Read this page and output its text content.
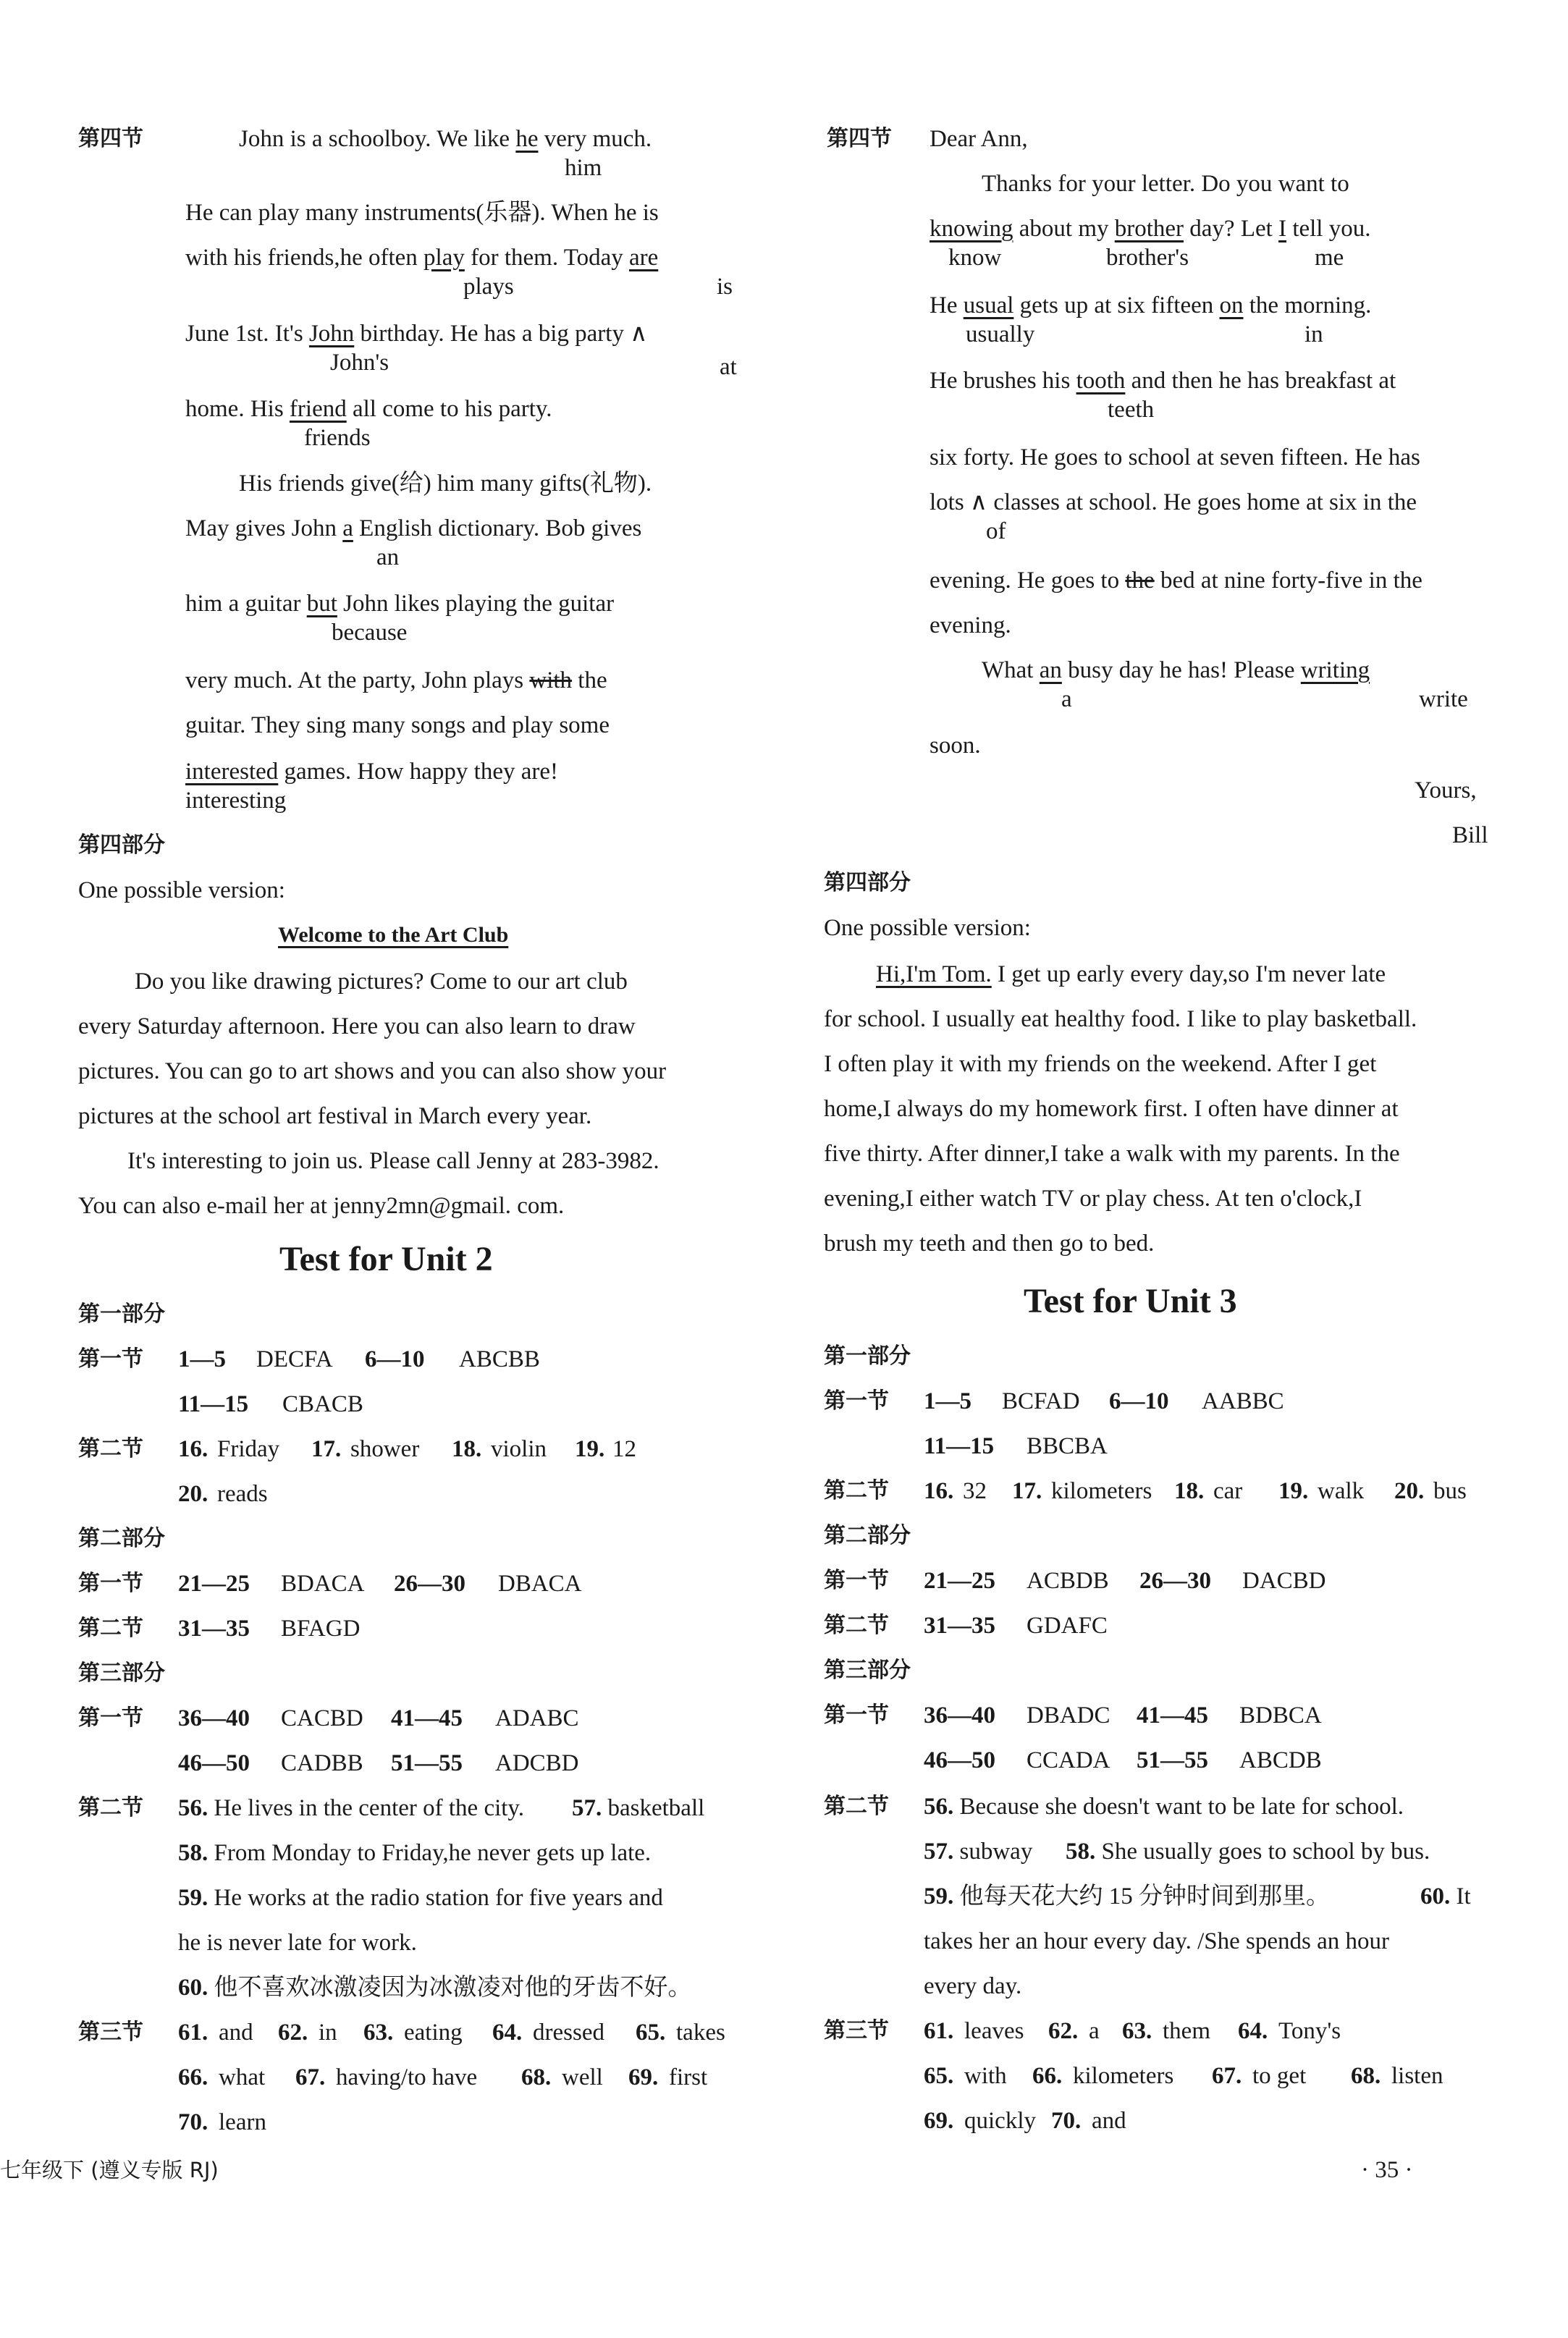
第四节	John is a schoolboy. We like he very much.
him
He can play many instruments(乐器). When he is
with his friends,he often play for them. Today are
plays	is
June 1st. It's John birthday. He has a big party ∧
John's	at
home. His friend all come to his party.
friends
His friends give(给) him many gifts(礼物).
May gives John a English dictionary. Bob gives
an
him a guitar but John likes playing the guitar
because
very much. At the party, John plays with the
guitar. They sing many songs and play some
interested games. How happy they are!
interesting
第四部分
One possible version:
Welcome to the Art Club
Do you like drawing pictures? Come to our art club
every Saturday afternoon. Here you can also learn to draw
pictures. You can go to art shows and you can also show your
pictures at the school art festival in March every year.
It's interesting to join us. Please call Jenny at 283-3982.
You can also e-mail her at jenny2mn@gmail. com.
Test for Unit 2
第一部分
第一节 1—5 DECFA 6—10 ABCBB
11—15 CBACB
第二节 16. Friday 17. shower 18. violin 19. 12
20. reads
第二部分
第一节 21—25 BDACA 26—30 DBACA
第二节 31—35 BFAGD
第三部分
第一节 36—40 CACBD 41—45 ADABC
46—50 CADBB 51—55 ADCBD
第二节 56. He lives in the center of the city. 57. basketball
58. From Monday to Friday,he never gets up late.
59. He works at the radio station for five years and
he is never late for work.
60. 他不喜欢冰激凌因为冰激凌对他的牙齿不好。
第三节 61. and 62. in 63. eating 64. dressed 65. takes
66. what 67. having/to have 68. well 69. first
70. learn
七年级下 (遵义专版 RJ)
第四节 Dear Ann,
Thanks for your letter. Do you want to
knowing about my brother day? Let I tell you.
know	brother's	me
He usual gets up at six fifteen on the morning.
usually	in
He brushes his tooth and then he has breakfast at
teeth
six forty. He goes to school at seven fifteen. He has
lots ∧ classes at school. He goes home at six in the
of
evening. He goes to the bed at nine forty-five in the
evening.
What an busy day he has! Please writing
a	write
soon.
Yours,
Bill
第四部分
One possible version:
Hi,I'm Tom. I get up early every day,so I'm never late
for school. I usually eat healthy food. I like to play basketball.
I often play it with my friends on the weekend. After I get
home,I always do my homework first. I often have dinner at
five thirty. After dinner,I take a walk with my parents. In the
evening,I either watch TV or play chess. At ten o'clock,I
brush my teeth and then go to bed.
Test for Unit 3
第一部分
第一节 1—5 BCFAD 6—10 AABBC
11—15 BBCBA
第二节 16. 32 17. kilometers 18. car 19. walk 20. bus
第二部分
第一节 21—25 ACBDB 26—30 DACBD
第二节 31—35 GDAFC
第三部分
第一节 36—40 DBADC 41—45 BDBCA
46—50 CCADA 51—55 ABCDB
第二节 56. Because she doesn't want to be late for school.
57. subway 58. She usually goes to school by bus.
59. 他每天花大约 15 分钟时间到那里。	60. It
takes her an hour every day. /She spends an hour
every day.
第三节 61. leaves 62. a 63. them 64. Tony's
65. with 66. kilometers 67. to get 68. listen
69. quickly 70. and
· 35 ·
